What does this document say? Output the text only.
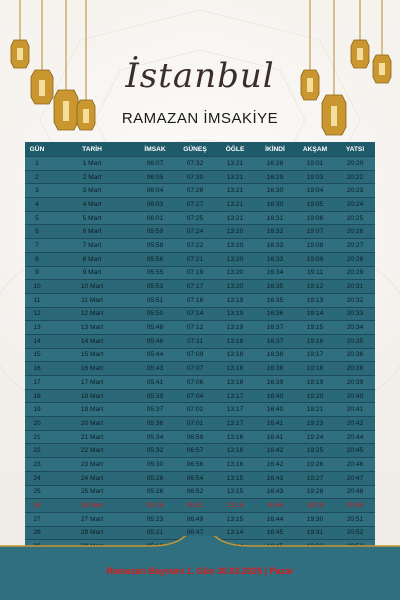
İstanbul
RAMAZAN İMSAKİYE
GÜN	TARİH	İMSAK	GÜNEŞ	ÖĞLE	İKİNDİ	AKŞAM	YATSI
1	1 Mart	06:07	07:32	13:21	16:28	19:01	20:20
2	2 Mart	06:05	07:30	13:21	16:29	19:03	20:22
3	3 Mart	06:04	07:28	13:21	16:30	19:04	20:23
4	4 Mart	06:03	07:27	13:21	16:30	19:05	20:24
5	5 Mart	06:01	07:25	13:21	16:31	19:06	20:25
6	6 Mart	05:59	07:24	13:20	16:32	19:07	20:26
7	7 Mart	05:58	07:22	13:20	16:33	19:08	20:27
8	8 Mart	05:56	07:21	13:20	16:33	19:09	20:28
9	9 Mart	05:55	07:19	13:20	16:34	19:11	20:29
10	10 Mart	05:53	07:17	13:20	16:35	19:12	20:31
11	11 Mart	05:51	07:16	13:19	16:35	19:13	20:32
12	12 Mart	05:50	07:14	13:19	16:36	19:14	20:33
13	13 Mart	05:48	07:12	13:19	16:37	19:15	20:34
14	14 Mart	05:46	07:11	13:18	16:37	19:16	20:35
15	15 Mart	05:44	07:09	13:18	16:38	19:17	20:36
16	16 Mart	05:43	07:07	13:18	16:38	19:18	20:38
17	17 Mart	05:41	07:06	13:18	16:39	19:19	20:39
18	18 Mart	05:39	07:04	13:17	16:40	19:20	20:40
19	19 Mart	05:37	07:02	13:17	16:40	19:21	20:41
20	20 Mart	05:36	07:01	13:17	16:41	19:23	20:42
21	21 Mart	05:34	06:59	13:16	16:41	19:24	20:44
22	22 Mart	05:32	06:57	13:16	16:42	19:25	20:45
23	23 Mart	05:30	06:56	13:16	16:42	19:26	20:46
24	24 Mart	05:28	06:54	13:15	16:43	19:27	20:47
25	25 Mart	05:26	06:52	13:15	16:43	19:28	20:48
26	26 Mart	05:25	06:51	13:15	16:44	19:29	20:49
27	27 Mart	05:23	06:49	13:15	16:44	19:30	20:51
28	28 Mart	05:21	06:47	13:14	16:45	19:31	20:52

Ramazan Bayramı 1. Gün 30.03.2025 | Pazar
